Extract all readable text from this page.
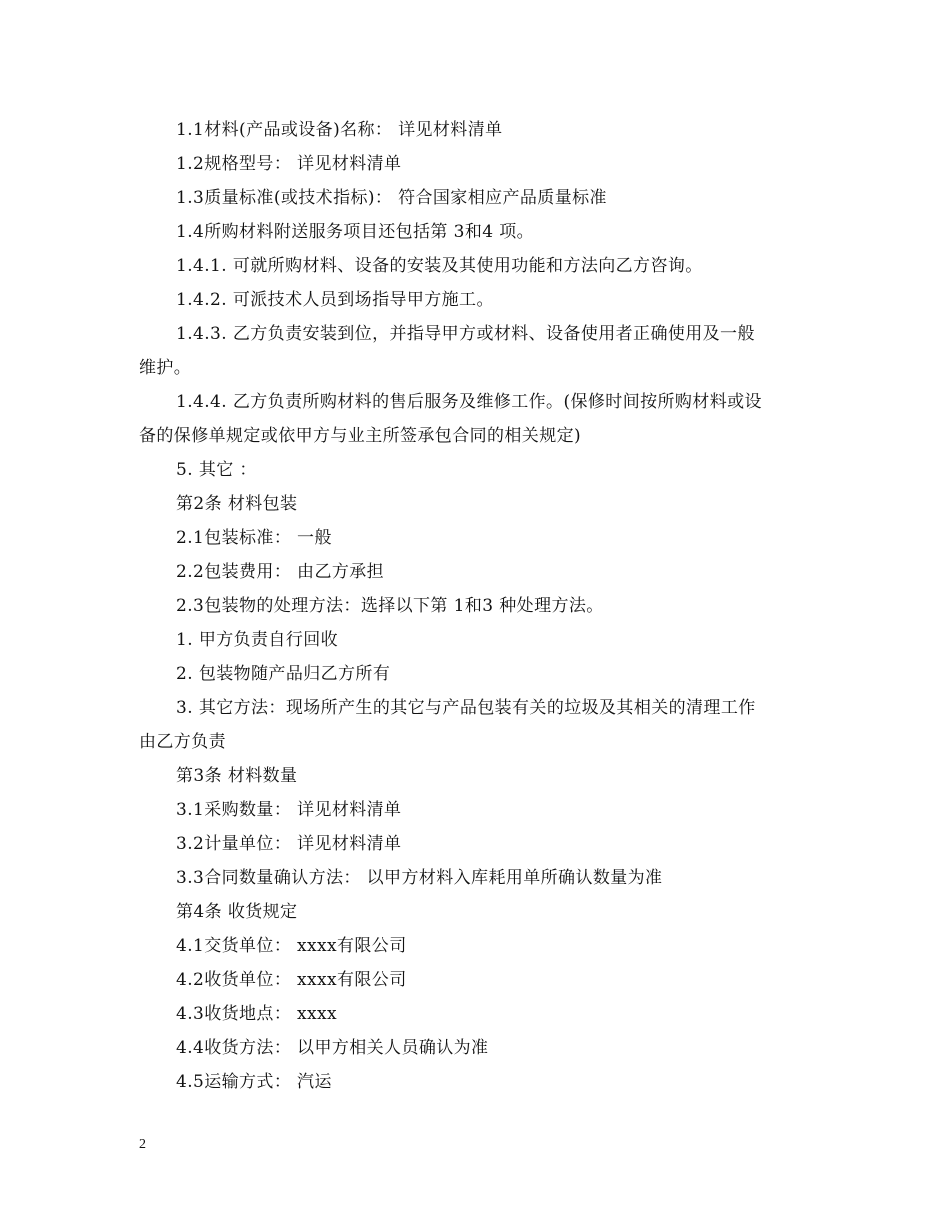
1.1材料(产品或设备)名称： 详见材料清单
1.2规格型号： 详见材料清单
1.3质量标准(或技术指标)： 符合国家相应产品质量标准
1.4所购材料附送服务项目还包括第 3和4 项。
1.4.1. 可就所购材料、设备的安装及其使用功能和方法向乙方咨询。
1.4.2. 可派技术人员到场指导甲方施工。
1.4.3. 乙方负责安装到位，并指导甲方或材料、设备使用者正确使用及一般
维护。
1.4.4. 乙方负责所购材料的售后服务及维修工作。(保修时间按所购材料或设
备的保修单规定或依甲方与业主所签承包合同的相关规定)
5. 其它 ：
第2条 材料包装
2.1包装标准： 一般
2.2包装费用： 由乙方承担
2.3包装物的处理方法：选择以下第 1和3 种处理方法。
1. 甲方负责自行回收
2. 包装物随产品归乙方所有
3. 其它方法：现场所产生的其它与产品包装有关的垃圾及其相关的清理工作
由乙方负责
第3条 材料数量
3.1采购数量： 详见材料清单
3.2计量单位： 详见材料清单
3.3合同数量确认方法： 以甲方材料入库耗用单所确认数量为准
第4条 收货规定
4.1交货单位： xxxx有限公司
4.2收货单位： xxxx有限公司
4.3收货地点： xxxx
4.4收货方法： 以甲方相关人员确认为准
4.5运输方式： 汽运
2
